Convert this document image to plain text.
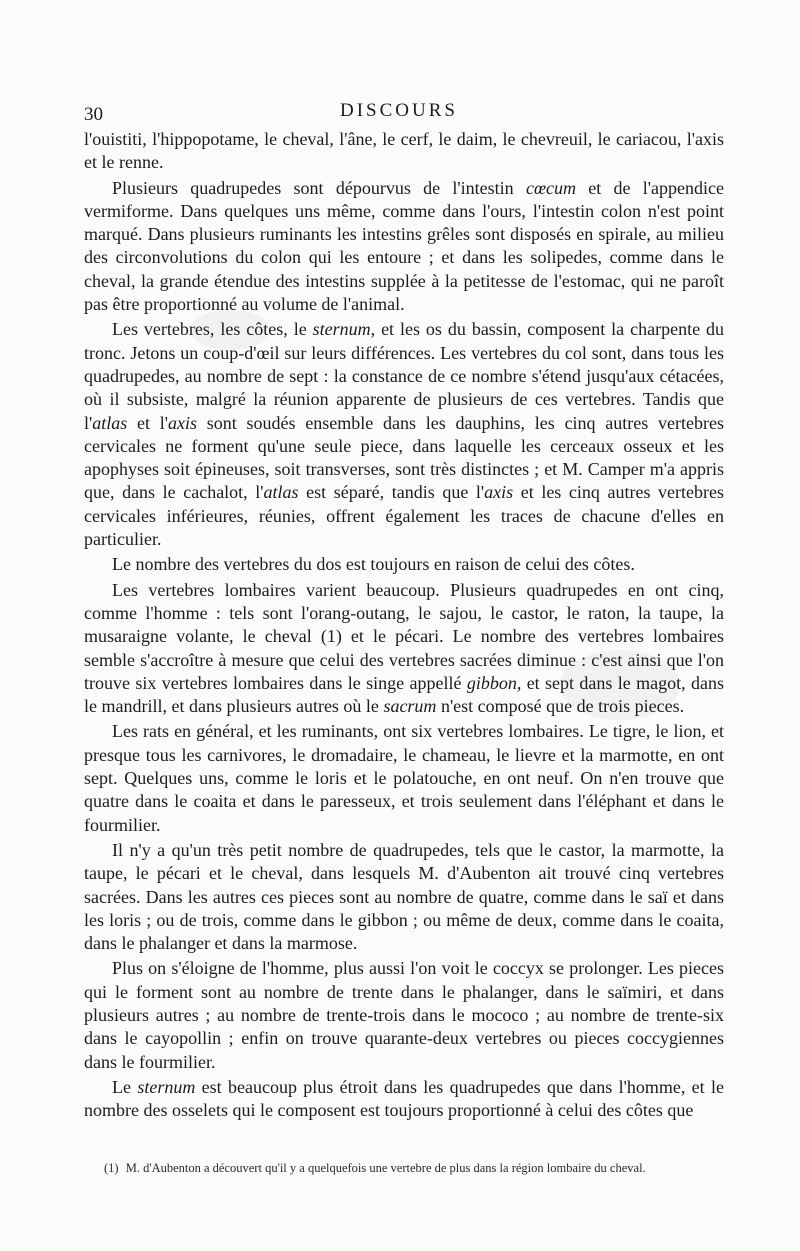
30	DISCOURS

l'ouistiti, l'hippopotame, le cheval, l'âne, le cerf, le daim, le chevreuil, le cariacou, l'axis et le renne.

Plusieurs quadrupedes sont dépourvus de l'intestin cœcum et de l'appendice vermiforme. Dans quelques uns même, comme dans l'ours, l'intestin colon n'est point marqué. Dans plusieurs ruminants les intestins grêles sont disposés en spirale, au milieu des circonvolutions du colon qui les entoure ; et dans les solipedes, comme dans le cheval, la grande étendue des intestins supplée à la petitesse de l'estomac, qui ne paroît pas être proportionné au volume de l'animal.

Les vertebres, les côtes, le sternum, et les os du bassin, composent la charpente du tronc. Jetons un coup-d'œil sur leurs différences. Les vertebres du col sont, dans tous les quadrupedes, au nombre de sept : la constance de ce nombre s'étend jusqu'aux cétacées, où il subsiste, malgré la réunion apparente de plusieurs de ces vertebres. Tandis que l'atlas et l'axis sont soudés ensemble dans les dauphins, les cinq autres vertebres cervicales ne forment qu'une seule piece, dans laquelle les cerceaux osseux et les apophyses soit épineuses, soit transverses, sont très distinctes ; et M. Camper m'a appris que, dans le cachalot, l'atlas est séparé, tandis que l'axis et les cinq autres vertebres cervicales inférieures, réunies, offrent également les traces de chacune d'elles en particulier.

Le nombre des vertebres du dos est toujours en raison de celui des côtes.

Les vertebres lombaires varient beaucoup. Plusieurs quadrupedes en ont cinq, comme l'homme : tels sont l'orang-outang, le sajou, le castor, le raton, la taupe, la musaraigne volante, le cheval (1) et le pécari. Le nombre des vertebres lombaires semble s'accroître à mesure que celui des vertebres sacrées diminue : c'est ainsi que l'on trouve six vertebres lombaires dans le singe appellé gibbon, et sept dans le magot, dans le mandrill, et dans plusieurs autres où le sacrum n'est composé que de trois pieces.

Les rats en général, et les ruminants, ont six vertebres lombaires. Le tigre, le lion, et presque tous les carnivores, le dromadaire, le chameau, le lievre et la marmotte, en ont sept. Quelques uns, comme le loris et le polatouche, en ont neuf. On n'en trouve que quatre dans le coaita et dans le paresseux, et trois seulement dans l'éléphant et dans le fourmilier.

Il n'y a qu'un très petit nombre de quadrupedes, tels que le castor, la marmotte, la taupe, le pécari et le cheval, dans lesquels M. d'Aubenton ait trouvé cinq vertebres sacrées. Dans les autres ces pieces sont au nombre de quatre, comme dans le saï et dans les loris ; ou de trois, comme dans le gibbon ; ou même de deux, comme dans le coaita, dans le phalanger et dans la marmose.

Plus on s'éloigne de l'homme, plus aussi l'on voit le coccyx se prolonger. Les pieces qui le forment sont au nombre de trente dans le phalanger, dans le saïmiri, et dans plusieurs autres ; au nombre de trente-trois dans le mococo ; au nombre de trente-six dans le cayopollin ; enfin on trouve quarante-deux vertebres ou pieces coccygiennes dans le fourmilier.

Le sternum est beaucoup plus étroit dans les quadrupedes que dans l'homme, et le nombre des osselets qui le composent est toujours proportionné à celui des côtes que

(1) M. d'Aubenton a découvert qu'il y a quelquefois une vertebre de plus dans la région lombaire du cheval.
